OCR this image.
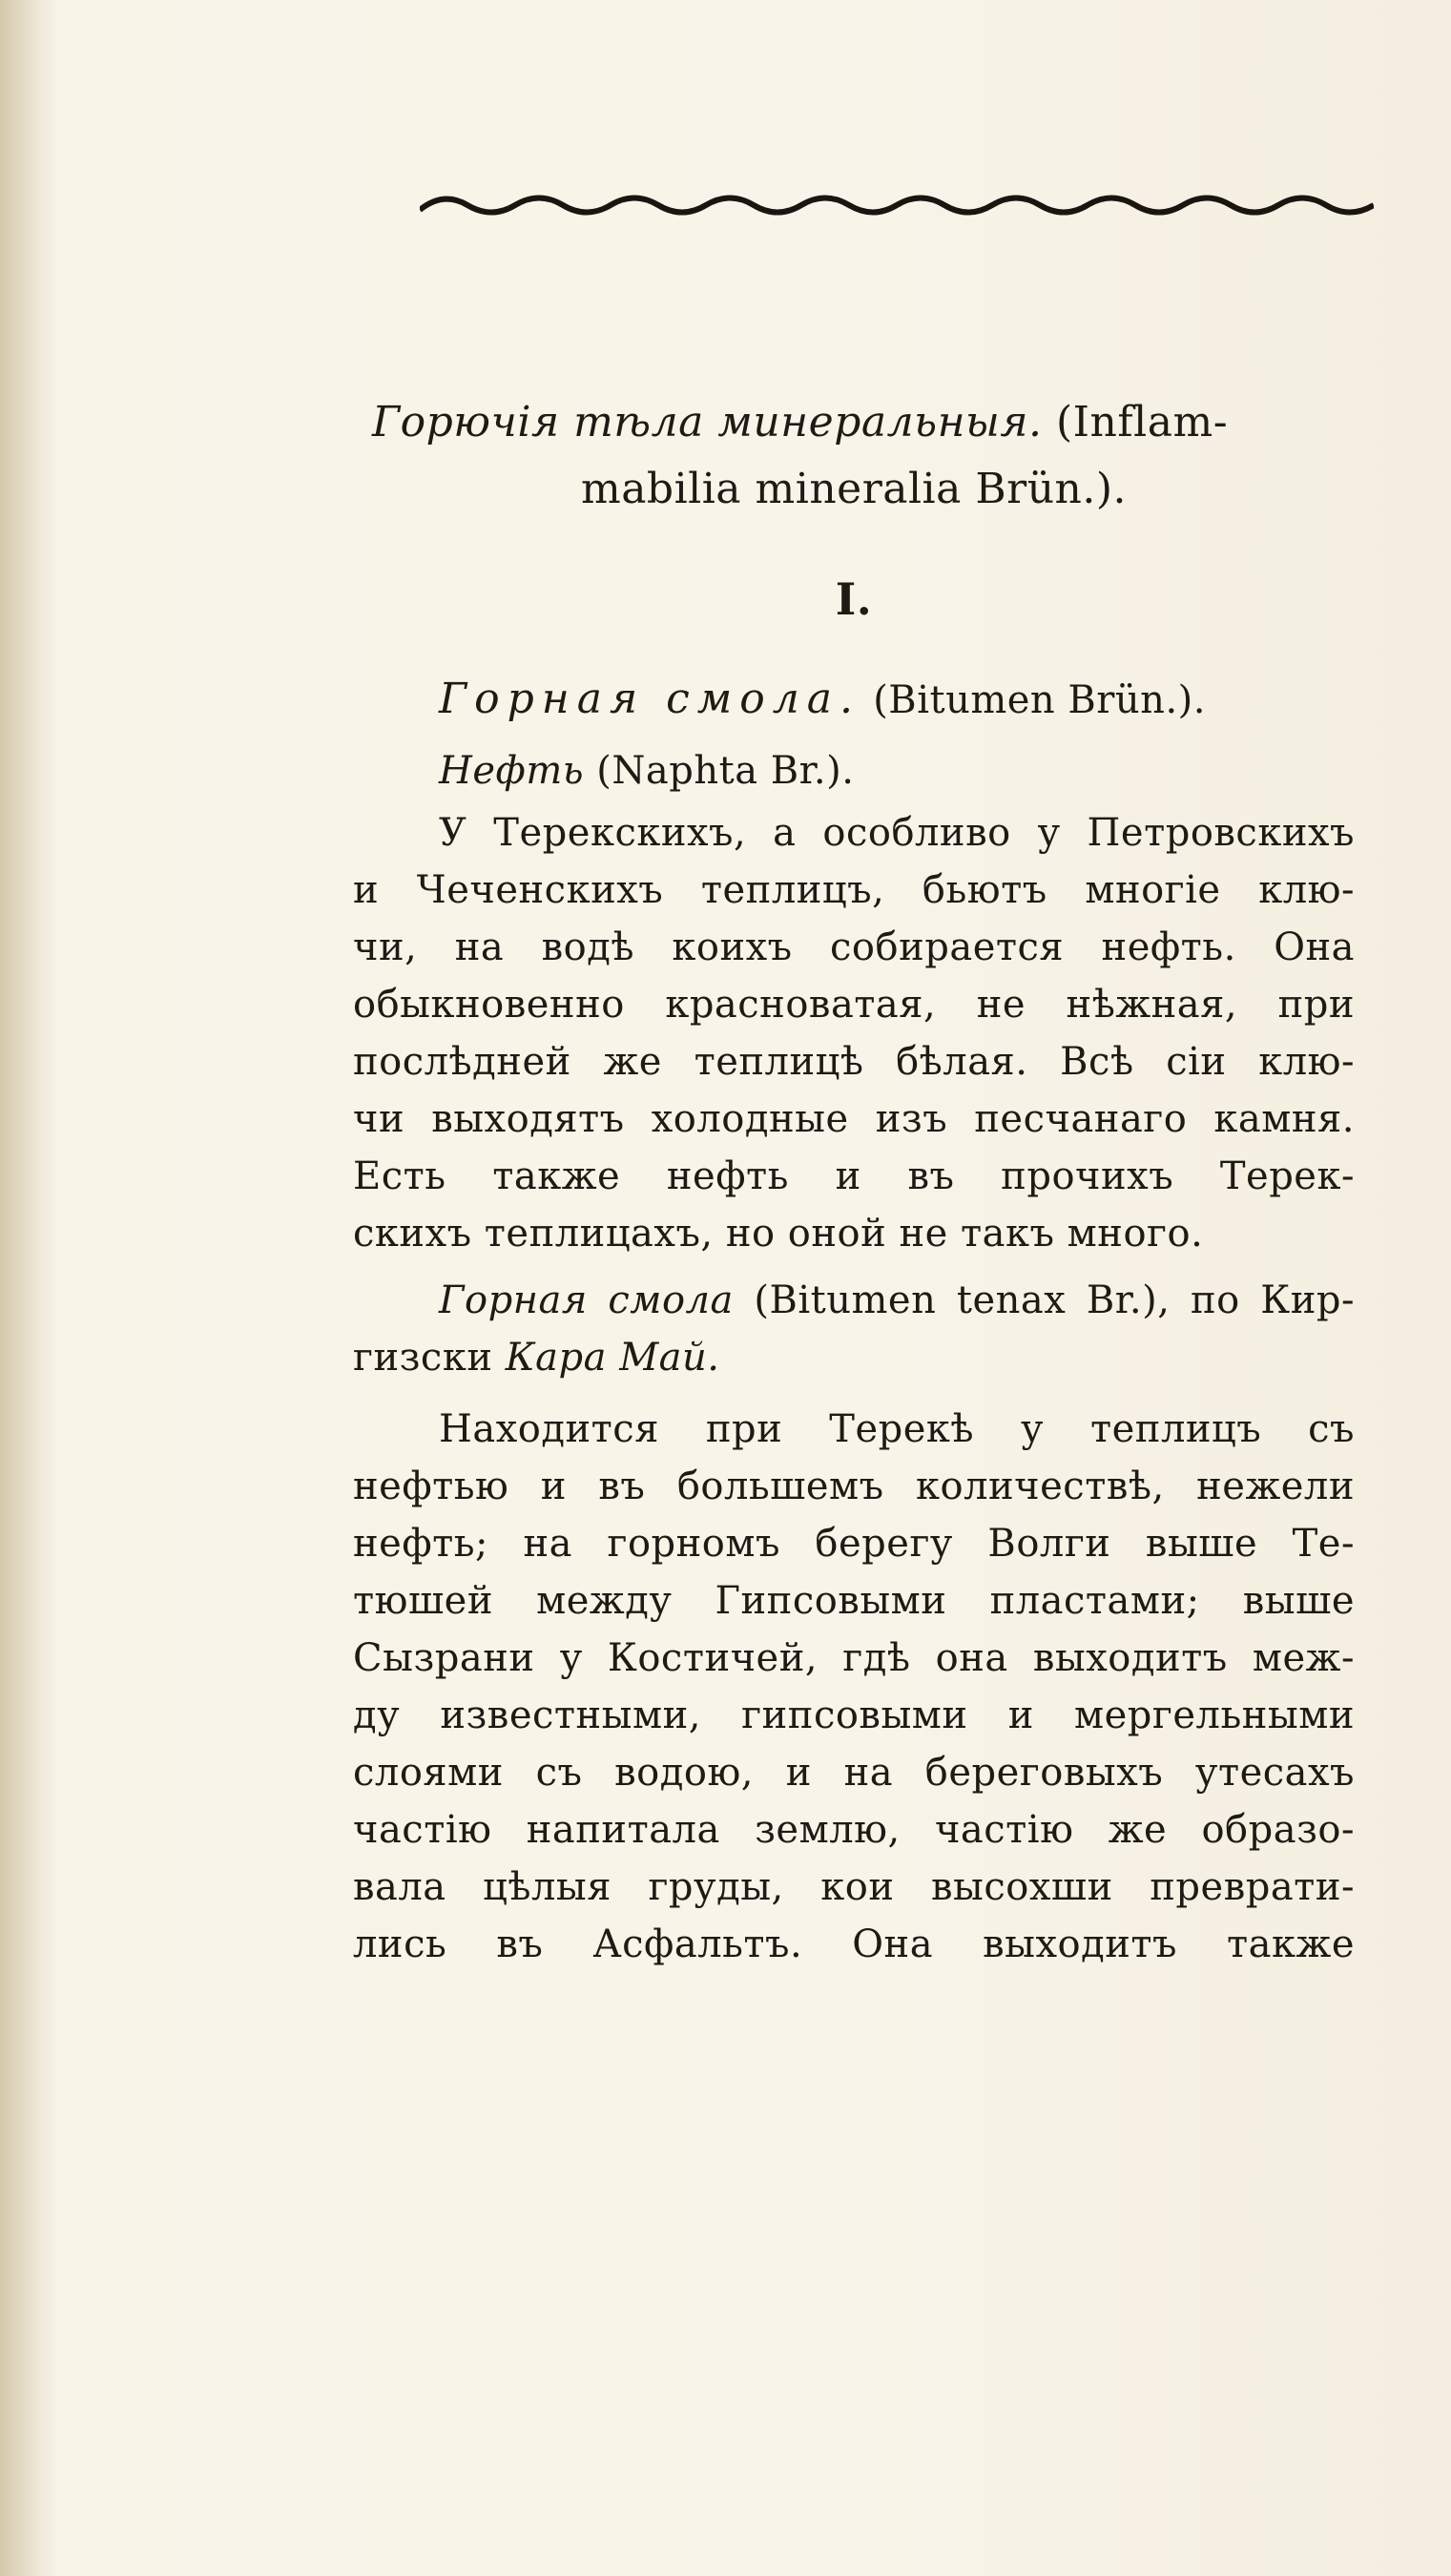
Горючія тѣла минеральныя. (Inflam-
mabilia mineralia Brün.).
I.
Горная смола. (Bitumen Brün.).
Нефть (Naphta Br.).
У Терекскихъ, а особливо у Петровскихъ
и Чеченскихъ теплицъ, бьютъ многіе клю-
чи, на водѣ коихъ собирается нефть. Она
обыкновенно красноватая, не нѣжная, при
послѣдней же теплицѣ бѣлая. Всѣ сіи клю-
чи выходятъ холодные изъ песчанаго камня.
Есть также нефть и въ прочихъ Терек-
скихъ теплицахъ, но оной не такъ много.
Горная смола (Bitumen tenax Br.), по Кир-
гизски Кара Май.
Находится при Терекѣ у теплицъ съ
нефтью и въ большемъ количествѣ, нежели
нефть; на горномъ берегу Волги выше Те-
тюшей между Гипсовыми пластами; выше
Сызрани у Костичей, гдѣ она выходитъ меж-
ду известными, гипсовыми и мергельными
слоями съ водою, и на береговыхъ утесахъ
частію напитала землю, частію же образо-
вала цѣлыя груды, кои высохши преврати-
лись въ Асфальтъ. Она выходитъ также
